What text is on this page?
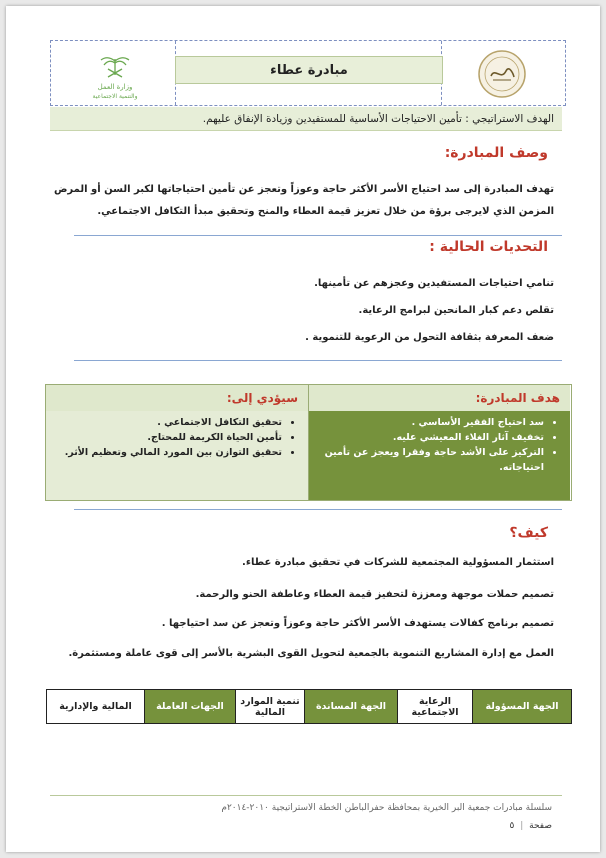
وزارة العمل
والتنمية الاجتماعية
مبادرة عطاء
الهدف الاستراتيجي : تأمين الاحتياجات الأساسية للمستفيدين وزيادة الإنفاق عليهم.
وصف المبادرة:
تهدف المبادرة إلى سد احتياج الأسر الأكثر حاجة وعوزاً وتعجز عن تأمين احتياجاتها لكبر السن أو المرض المزمن الذي لايرجى برؤة من خلال تعزيز قيمة العطاء والمنح وتحقيق مبدأ التكافل الاجتماعي.
التحديات الحالية :
تنامي احتياجات المستفيدين وعجزهم عن تأمينها.
تقلص دعم كبار المانحين لبرامج الرعاية.
ضعف المعرفة بثقافة التحول من الرعوية للتنموية .
هدف المبادرة:
• سد احتياج الفقير الأساسي .
• تخفيف آثار الغلاء المعيشي عليه.
• التركيز على الأشد حاجة وفقرا ويعجز عن تأمين احتياجاته.
سيؤدي إلى:
• تحقيق التكافل الاجتماعي .
• تأمين الحياة الكريمة للمحتاج.
• تحقيق التوازن بين المورد المالي وتعظيم الأثر.
كيف؟
استثمار المسؤولية المجتمعية للشركات في تحقيق مبادرة عطاء.
تصميم حملات موجهة ومعززة لتحفيز قيمة العطاء وعاطفة الحنو والرحمة.
تصميم برنامج كفالات يستهدف الأسر الأكثر حاجة وعوزاً وتعجز عن سد احتياجها .
العمل مع إدارة المشاريع التنموية بالجمعية لتحويل القوى البشرية بالأسر إلى قوى عاملة ومستثمرة.
الجهة المسؤولة	الرعاية الاجتماعية	الجهة المساندة	تنمية الموارد المالية	الجهات العاملة	المالية والإدارية
سلسلة مبادرات جمعية البر الخيرية بمحافظة حفرالباطن الخطة الاستراتيجية ٢٠١٠-٢٠١٤م
صفحة | ٥
